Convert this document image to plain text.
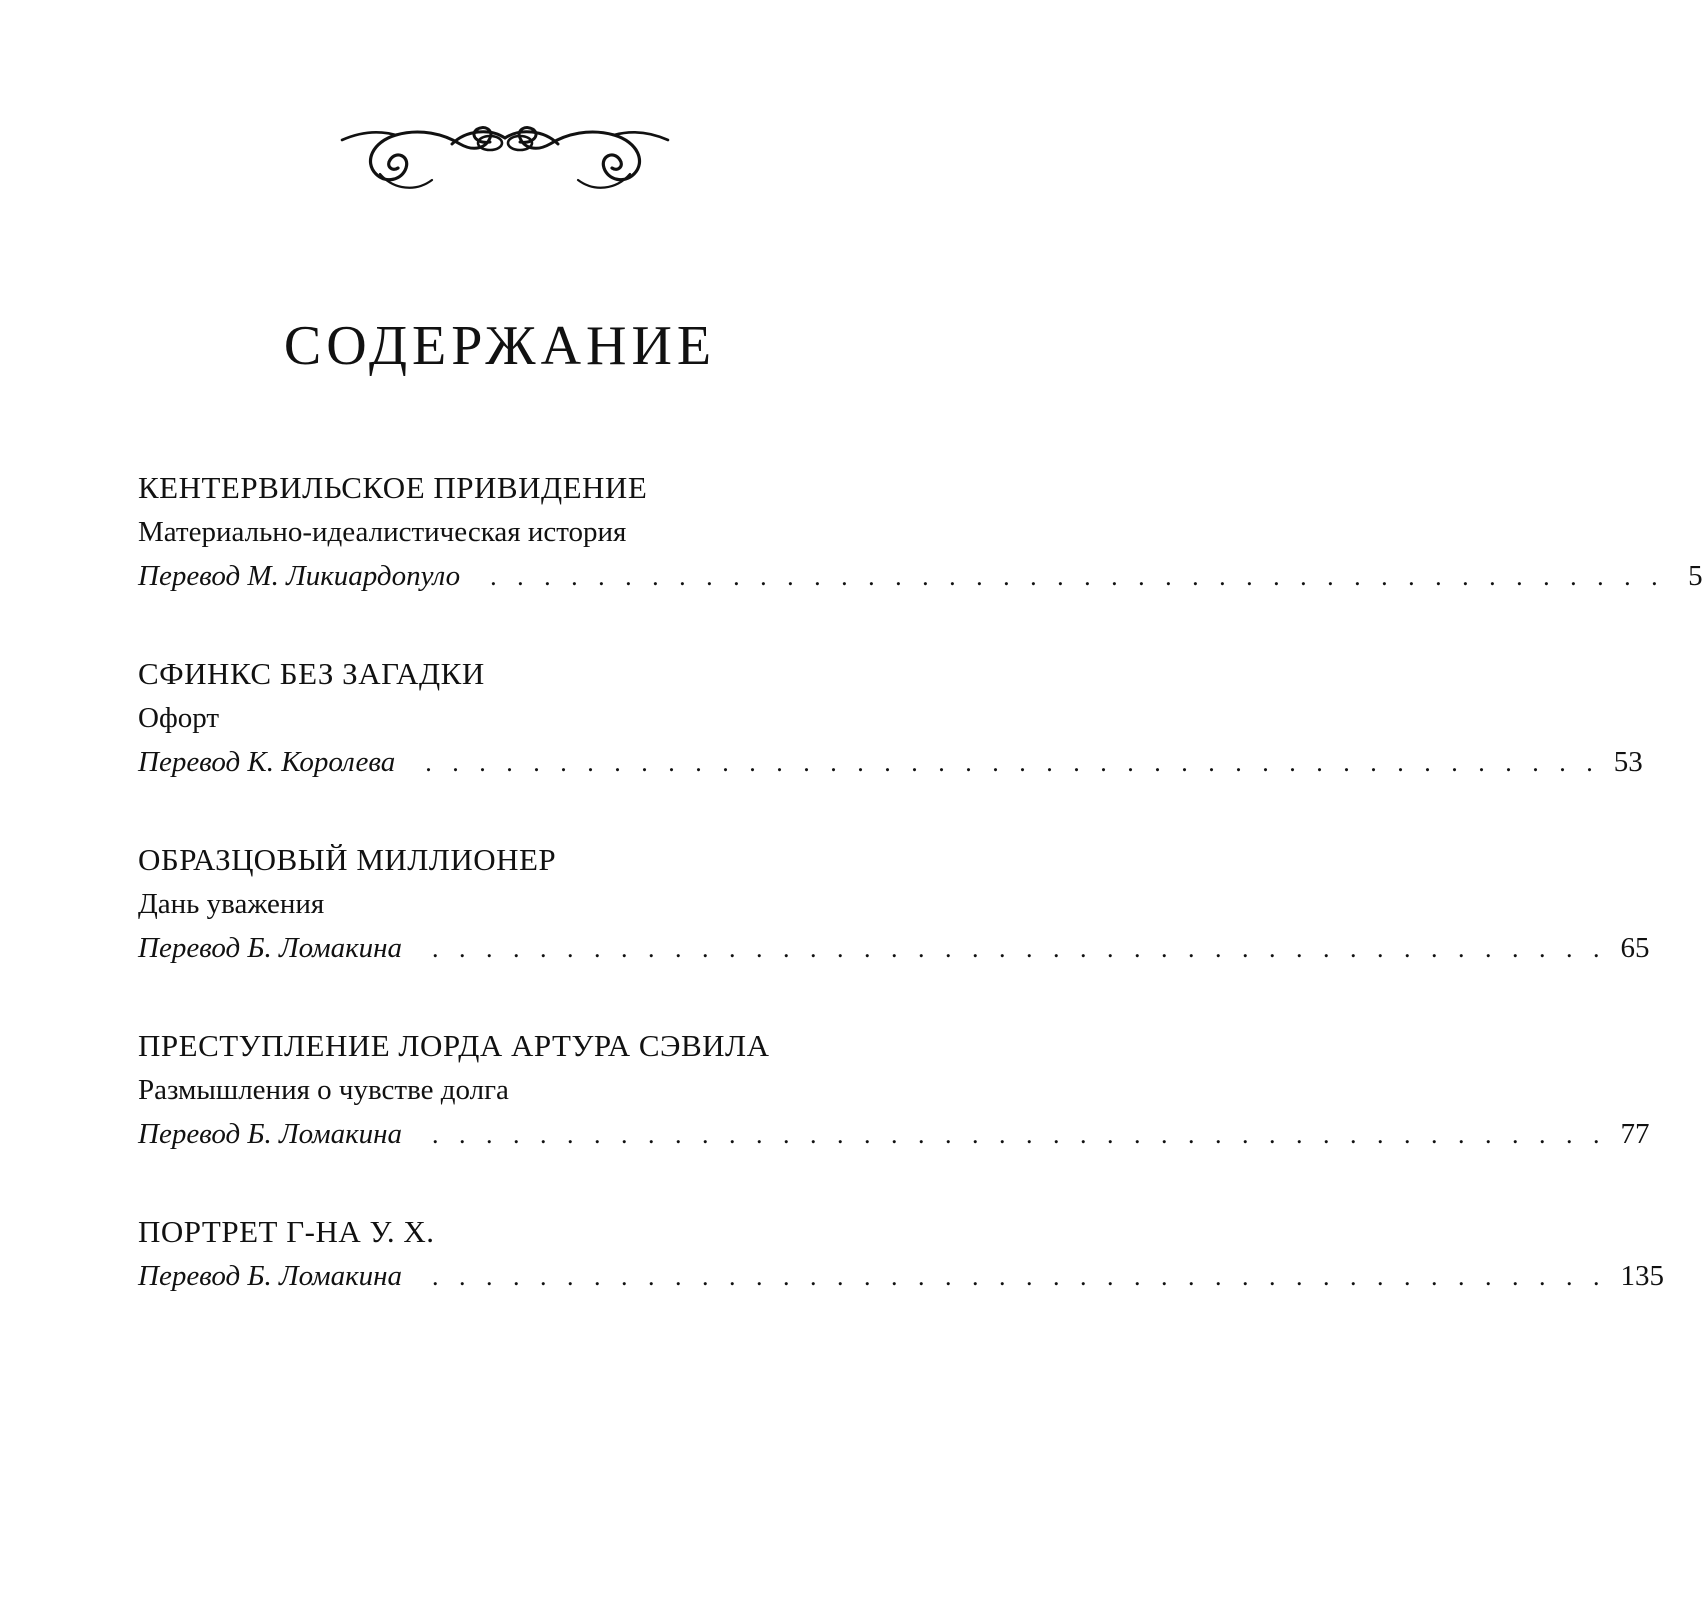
СОДЕРЖАНИЕ
КЕНТЕРВИЛЬСКОЕ ПРИВИДЕНИЕ
Материально-идеалистическая история
Перевод М. Ликиардопуло . . . . . . . . . . . . . . . . . . . . . . . . . . . . . . . . . . . . . . . . . . . . 5
СФИНКС БЕЗ ЗАГАДКИ
Офорт
Перевод К. Королева . . . . . . . . . . . . . . . . . . . . . . . . . . . . . . . . . . . . . . . . . . . . 53
ОБРАЗЦОВЫЙ МИЛЛИОНЕР
Дань уважения
Перевод Б. Ломакина . . . . . . . . . . . . . . . . . . . . . . . . . . . . . . . . . . . . . . . . . . . . 65
ПРЕСТУПЛЕНИЕ ЛОРДА АРТУРА СЭВИЛА
Размышления о чувстве долга
Перевод Б. Ломакина . . . . . . . . . . . . . . . . . . . . . . . . . . . . . . . . . . . . . . . . . . . . 77
ПОРТРЕТ Г-НА У. Х.
Перевод Б. Ломакина . . . . . . . . . . . . . . . . . . . . . . . . . . . . . . . . . . . . . . . . . . . . 135
